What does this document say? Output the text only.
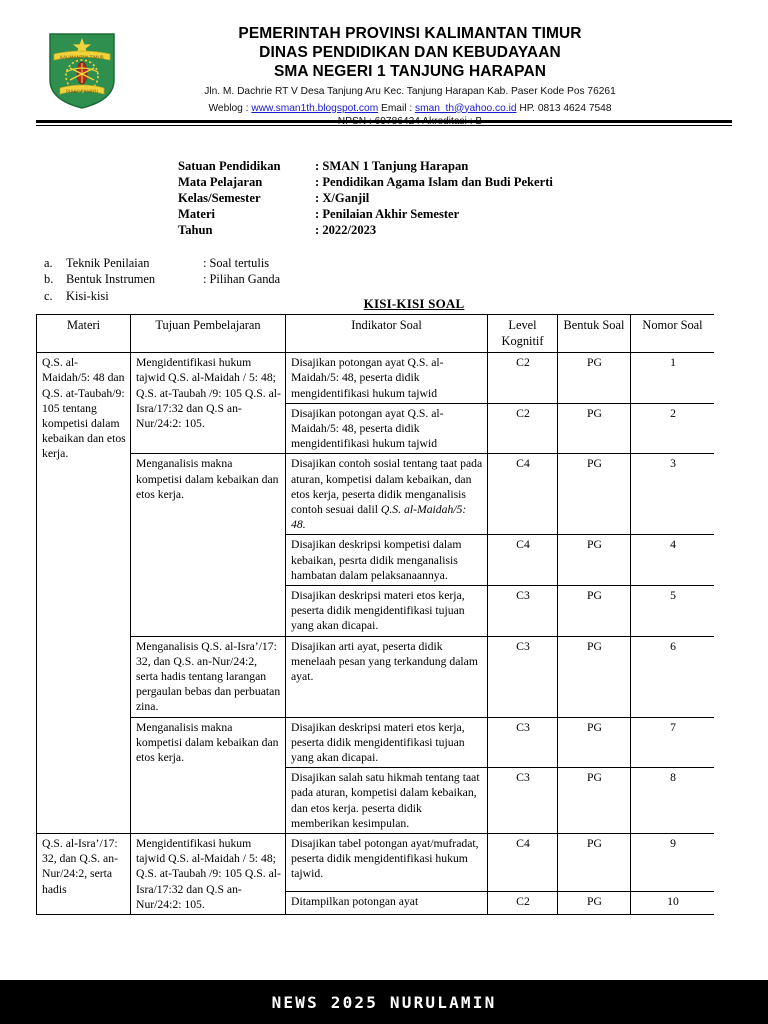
KALIMANTAN TIMUR
RUHUI RAHAYU
PEMERINTAH PROVINSI KALIMANTAN TIMUR
DINAS PENDIDIKAN DAN KEBUDAYAAN
SMA NEGERI 1 TANJUNG HARAPAN
Jln. M. Dachrie RT V Desa Tanjung Aru Kec. Tanjung Harapan Kab. Paser Kode Pos 76261
Weblog : www.sman1th.blogspot.com Email : sman_th@yahoo.co.id HP. 0813 4624 7548
Satuan Pendidikan	: SMAN 1 Tanjung Harapan
Mata Pelajaran	: Pendidikan Agama Islam dan Budi Pekerti
Kelas/Semester	: X/Ganjil
Materi	: Penilaian Akhir Semester
Tahun	: 2022/2023
a.	Teknik Penilaian	: Soal tertulis
b.	Bentuk Instrumen	: Pilihan Ganda
c.	Kisi-kisi
KISI-KISI SOAL
Materi	Tujuan Pembelajaran	Indikator Soal	Level Kognitif	Bentuk Soal	Nomor Soal
Q.S. al-Maidah/5: 48 dan Q.S. at-Taubah/9: 105 tentang kompetisi dalam kebaikan dan etos kerja.	Mengidentifikasi hukum tajwid Q.S. al-Maidah / 5: 48; Q.S. at-Taubah /9: 105 Q.S. al-Isra/17:32 dan Q.S an-Nur/24:2: 105.	Disajikan potongan ayat Q.S. al-Maidah/5: 48, peserta didik mengidentifikasi hukum tajwid	C2	PG	1
		Disajikan potongan ayat Q.S. al-Maidah/5: 48, peserta didik mengidentifikasi hukum tajwid	C2	PG	2
	Menganalisis makna kompetisi dalam kebaikan dan etos kerja.	Disajikan contoh sosial tentang taat pada aturan, kompetisi dalam kebaikan, dan etos kerja, peserta didik menganalisis contoh sesuai dalil Q.S. al-Maidah/5: 48.	C4	PG	3
		Disajikan deskripsi kompetisi dalam kebaikan, pesrta didik menganalisis hambatan dalam pelaksanaannya.	C4	PG	4
		Disajikan deskripsi materi etos kerja, peserta didik mengidentifikasi tujuan yang akan dicapai.	C3	PG	5
	Menganalisis Q.S. al-Isra’/17: 32, dan Q.S. an-Nur/24:2, serta hadis tentang larangan pergaulan bebas dan perbuatan zina.	Disajikan arti ayat, peserta didik menelaah pesan yang terkandung dalam ayat.	C3	PG	6
	Menganalisis makna kompetisi dalam kebaikan dan etos kerja.	Disajikan deskripsi materi etos kerja, peserta didik mengidentifikasi tujuan yang akan dicapai.	C3	PG	7
		Disajikan salah satu hikmah tentang taat pada aturan, kompetisi dalam kebaikan, dan etos kerja. peserta didik memberikan kesimpulan.	C3	PG	8
Q.S. al-Isra’/17: 32, dan Q.S. an-Nur/24:2, serta hadis	Mengidentifikasi hukum tajwid Q.S. al-Maidah / 5: 48; Q.S. at-Taubah /9: 105 Q.S. al-Isra/17:32 dan Q.S an-Nur/24:2: 105.	Disajikan tabel potongan ayat/mufradat, peserta didik mengidentifikasi hukum tajwid.	C4	PG	9
		Ditampilkan potongan ayat	C2	PG	10
NEWS 2025 NURULAMIN
